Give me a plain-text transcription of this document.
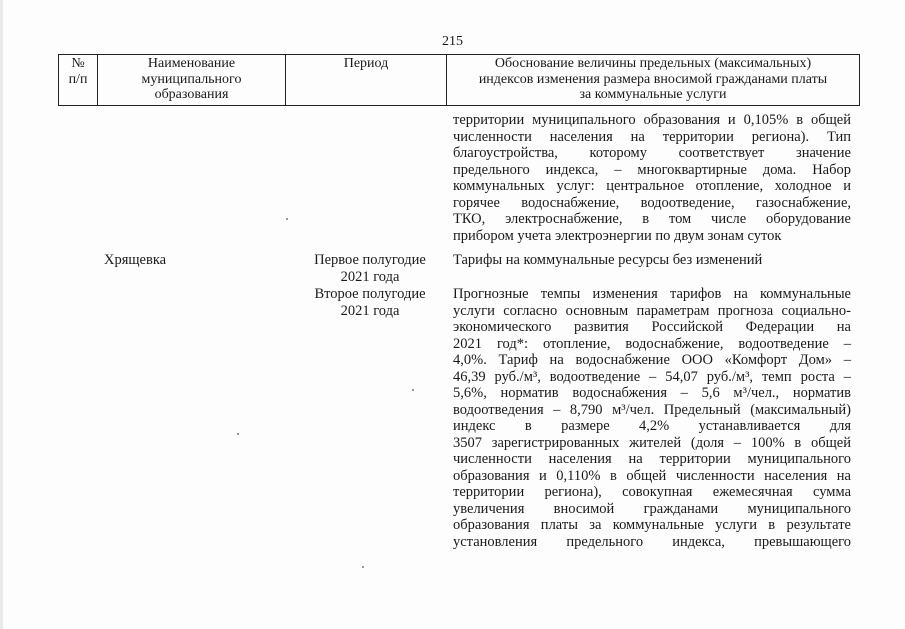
215
№
п/п
Наименование
муниципального
образования
Период	Обоснование величины предельных (максимальных)
индексов изменения размера вносимой гражданами платы
за коммунальные услуги
территории муниципального образования и 0,105% в общей
численности населения на территории региона). Тип
благоустройства, которому соответствует значение
предельного индекса, – многоквартирные дома. Набор
коммунальных услуг: центральное отопление, холодное и
горячее водоснабжение, водоотведение, газоснабжение,
ТКО, электроснабжение, в том числе оборудование
прибором учета электроэнергии по двум зонам суток
Хрящевка	Первое полугодие
2021 года
Тарифы на коммунальные ресурсы без изменений
Второе полугодие
2021 года
Прогнозные темпы изменения тарифов на коммунальные
услуги согласно основным параметрам прогноза социально-
экономического развития Российской Федерации на
2021 год*: отопление, водоснабжение, водоотведение –
4,0%. Тариф на водоснабжение ООО «Комфорт Дом» –
46,39 руб./м³, водоотведение – 54,07 руб./м³, темп роста –
5,6%, норматив водоснабжения – 5,6 м³/чел., норматив
водоотведения – 8,790 м³/чел. Предельный (максимальный)
индекс в размере 4,2% устанавливается для
3507 зарегистрированных жителей (доля – 100% в общей
численности населения на территории муниципального
образования и 0,110% в общей численности населения на
территории региона), совокупная ежемесячная сумма
увеличения вносимой гражданами муниципального
образования платы за коммунальные услуги в результате
установления предельного индекса, превышающего
